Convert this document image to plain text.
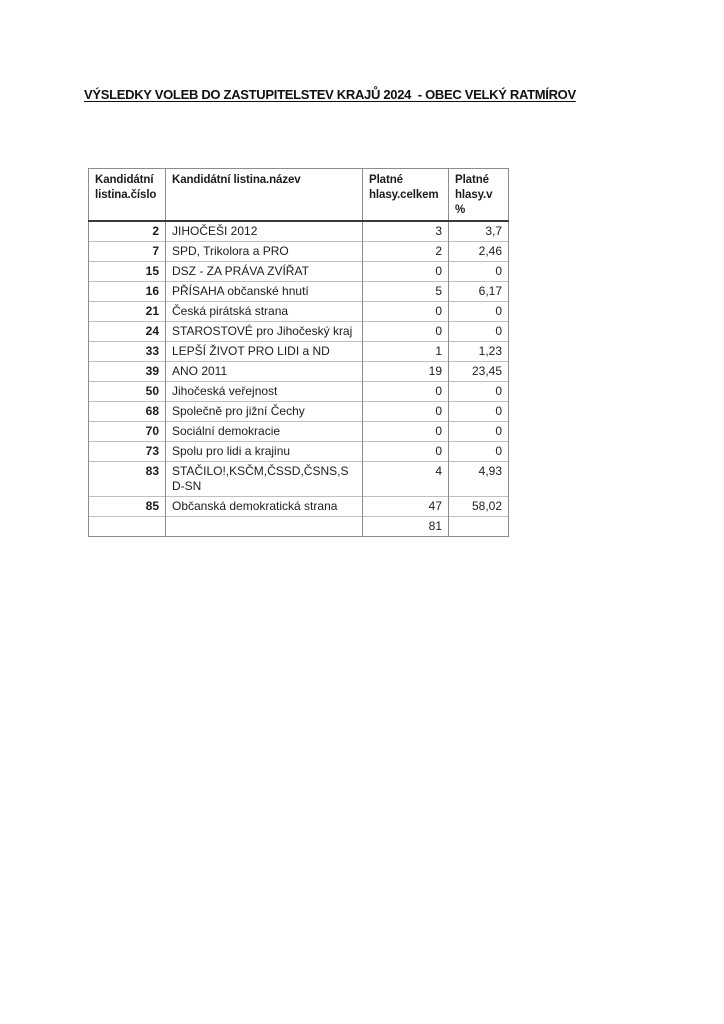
VÝSLEDKY VOLEB DO ZASTUPITELSTEV KRAJŮ 2024  - OBEC VELKÝ RATMÍROV
Kandidátní listina.číslo	Kandidátní listina.název	Platné hlasy.celkem	Platné hlasy.v %
2	JIHOČEŠI 2012	3	3,7
7	SPD, Trikolora a PRO	2	2,46
15	DSZ - ZA PRÁVA ZVÍŘAT	0	0
16	PŘÍSAHA občanské hnutí	5	6,17
21	Česká pirátská strana	0	0
24	STAROSTOVÉ pro Jihočeský kraj	0	0
33	LEPŠÍ ŽIVOT PRO LIDI a ND	1	1,23
39	ANO 2011	19	23,45
50	Jihočeská veřejnost	0	0
68	Společně pro jižní Čechy	0	0
70	Sociální demokracie	0	0
73	Spolu pro lidi a krajinu	0	0
83	STAČILO!,KSČM,ČSSD,ČSNS,SD-SN	4	4,93
85	Občanská demokratická strana	47	58,02
		81	
